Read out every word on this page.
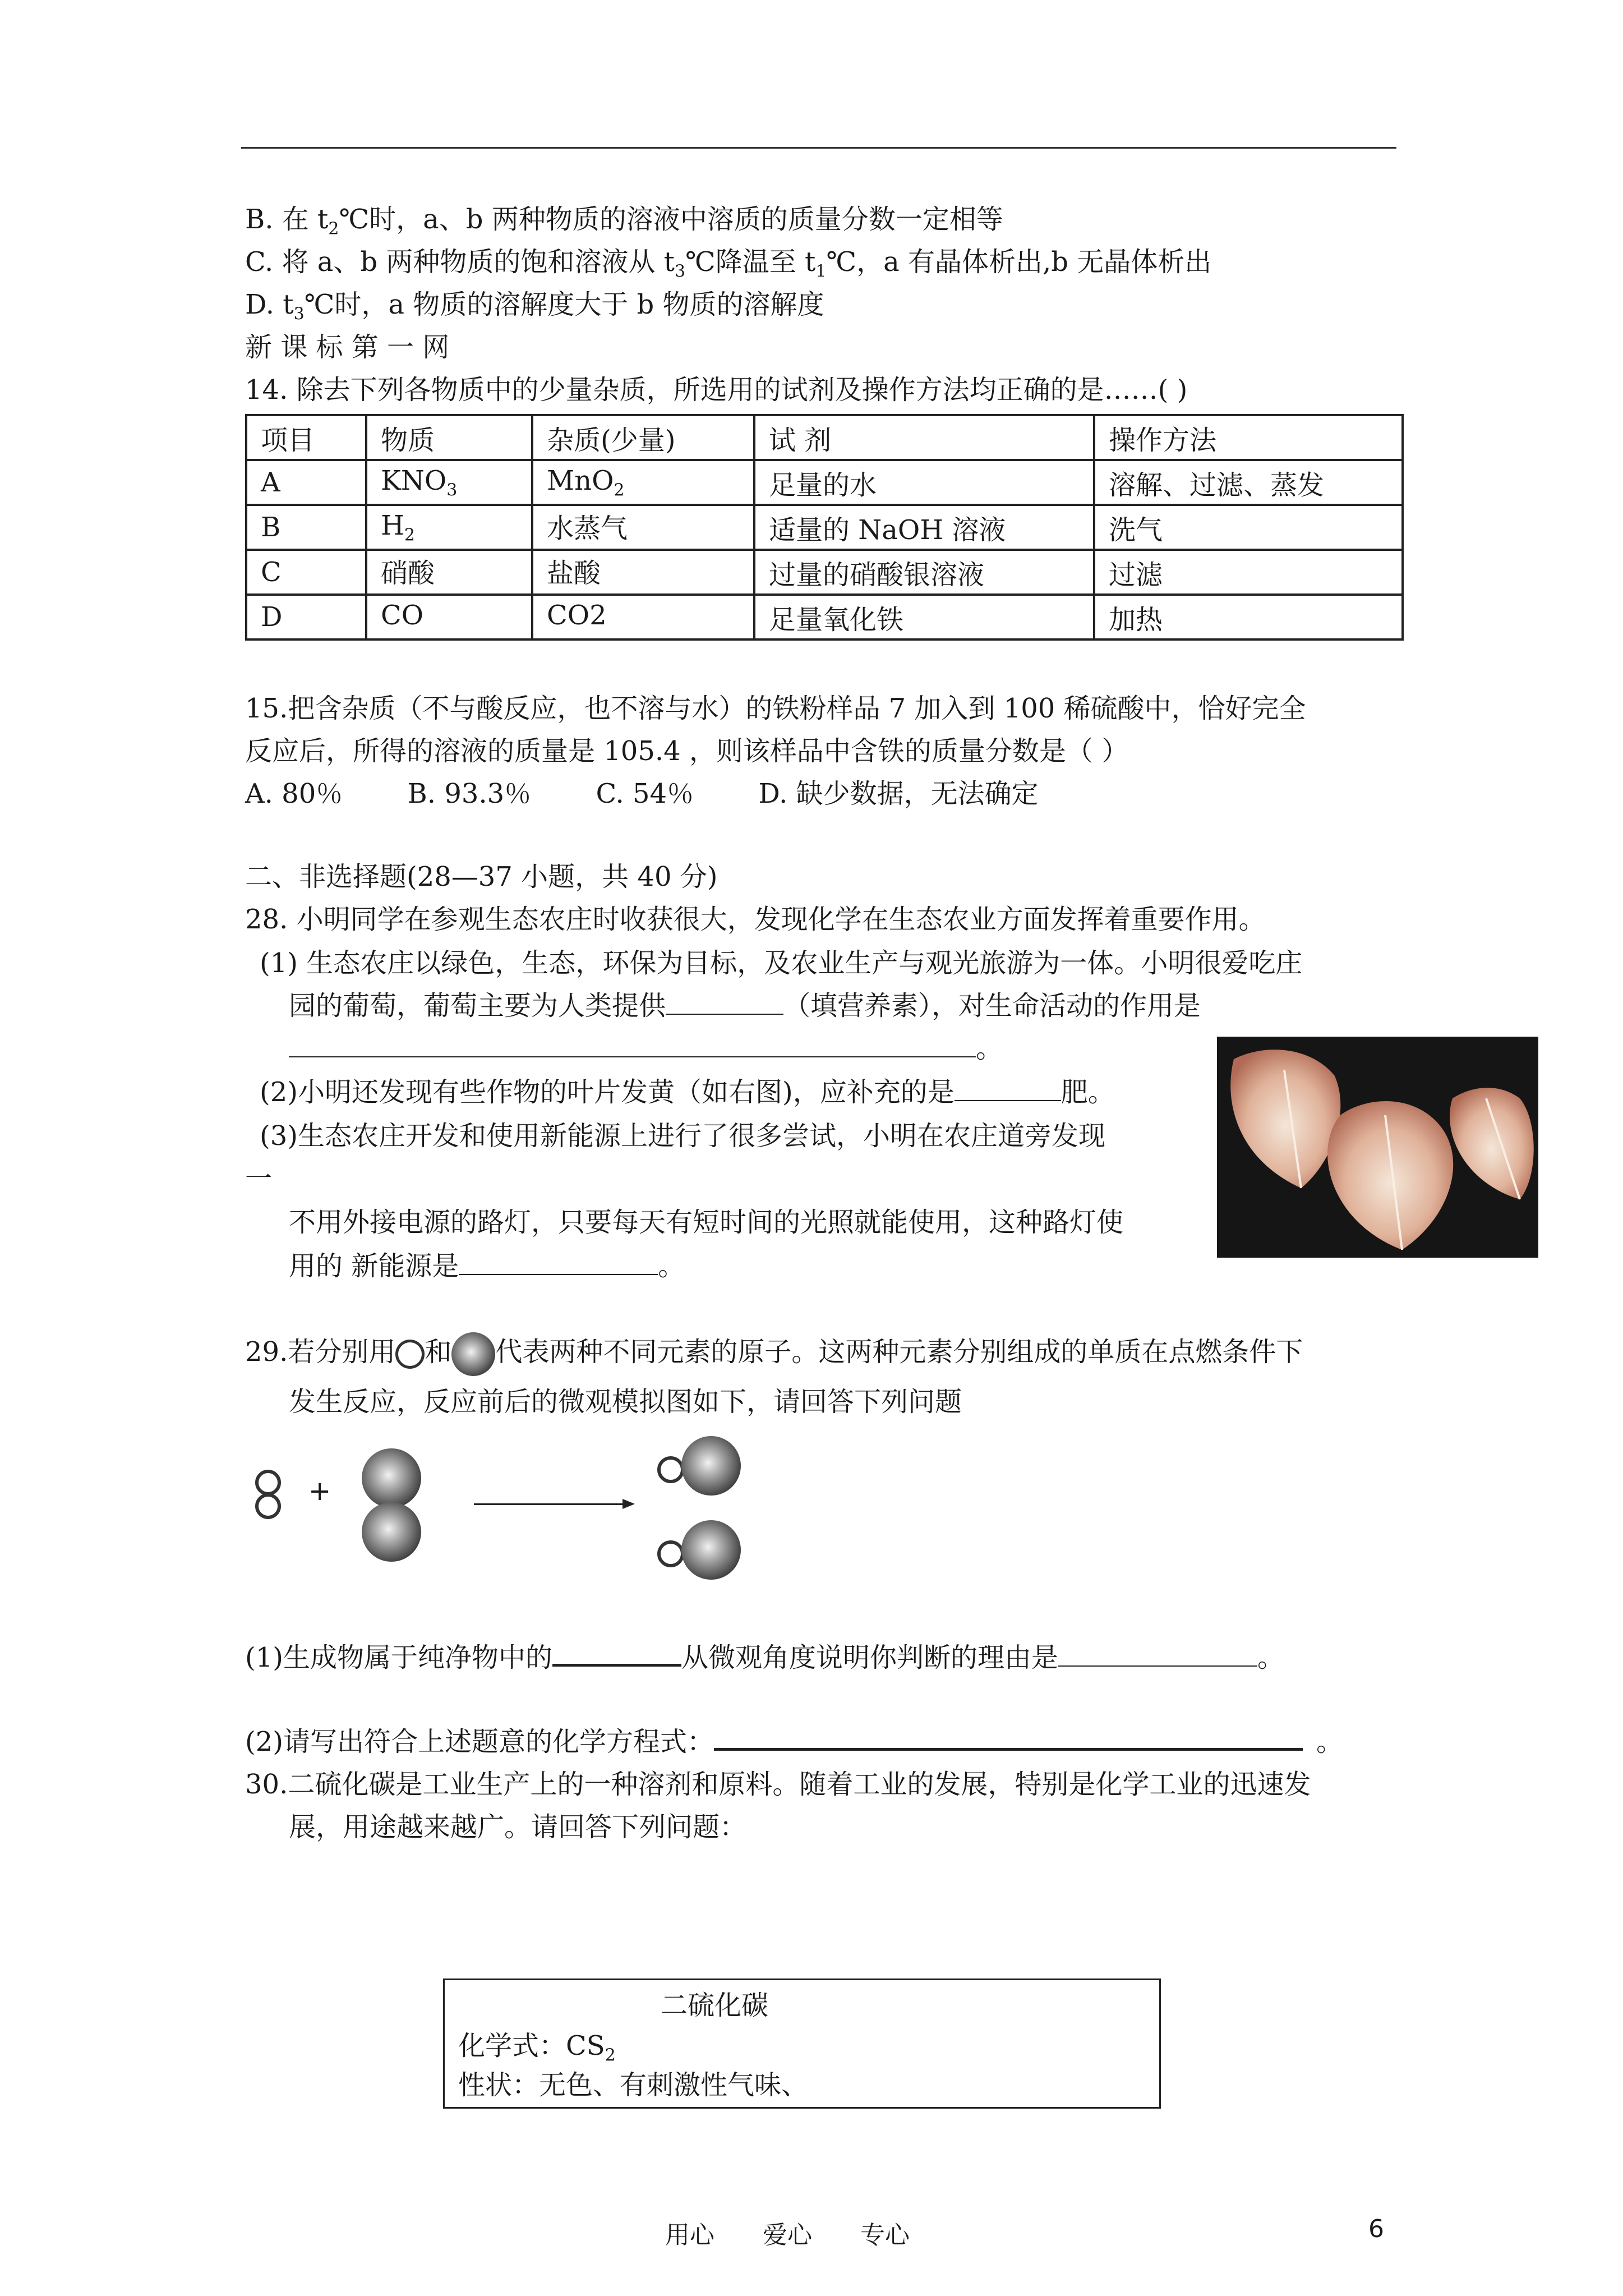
B. 在 $t_2℃$时，a、b 两种物质的溶液中溶质的质量分数一定相等
C. 将 a、b 两种物质的饱和溶液从 $t_3℃$降温至 $t_1℃$，a 有晶体析出,b 无晶体析出
D. $t_3℃$时，a 物质的溶解度大于 b 物质的溶解度
新 课 标 第 一 网
14. 除去下列各物质中的少量杂质，所选用的试剂及操作方法均正确的是……( )
项目	物质	杂质(少量)	试 剂	操作方法
A	$KNO_3$	MnO$_2$	足量的水	溶解、过滤、蒸发
B	$H_2$	水蒸气	适量的 NaOH 溶液	洗气
C	硝酸	盐酸	过量的硝酸银溶液	过滤
D	CO	CO2	足量氧化铁	加热
15.把含杂质（不与酸反应，也不溶与水）的铁粉样品 7 加入到 100 稀硫酸中，恰好完全
反应后，所得的溶液的质量是 105.4 ，则该样品中含铁的质量分数是（ ）
A. 80％ B. 93.3％ C. 54％ D. 缺少数据，无法确定
二、非选择题(28—37 小题，共 40 分)
28. 小明同学在参观生态农庄时收获很大，发现化学在生态农业方面发挥着重要作用。
(1) 生态农庄以绿色，生态，环保为目标，及农业生产与观光旅游为一体。小明很爱吃庄
园的葡萄，葡萄主要为人类提供	（填营养素），对生命活动的作用是
。
(2)小明还发现有些作物的叶片发黄（如右图)，应补充的是	肥。
(3)生态农庄开发和使用新能源上进行了很多尝试，小明在农庄道旁发现
一
不用外接电源的路灯，只要每天有短时间的光照就能使用，这种路灯使
用的 新能源是	。
29.若分别用 和 代表两种不同元素的原子。这两种元素分别组成的单质在点燃条件下
发生反应，反应前后的微观模拟图如下，请回答下列问题
+
(1)生成物属于纯净物中的	从微观角度说明你判断的理由是	。
(2)请写出符合上述题意的化学方程式：	。
30.二硫化碳是工业生产上的一种溶剂和原料。随着工业的发展，特别是化学工业的迅速发
展，用途越来越广。请回答下列问题：
二硫化碳
化学式：$CS_2$
性状：无色、有刺激性气味、
用心 爱心 专心	6
